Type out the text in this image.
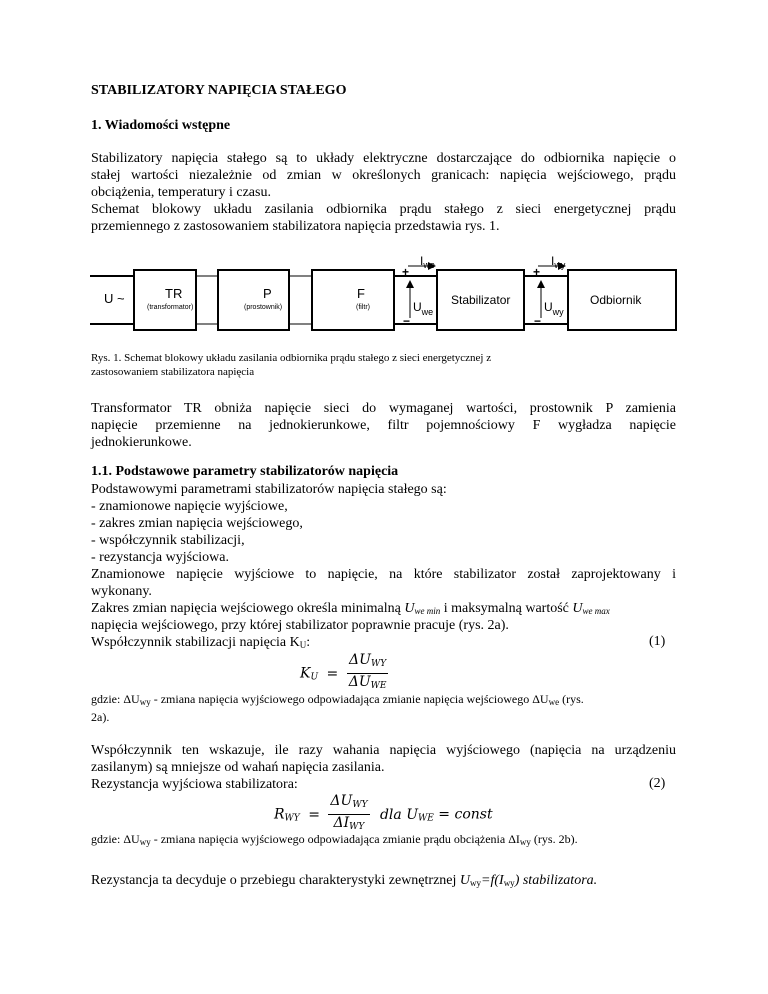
STABILIZATORY NAPIĘCIA STAŁEGO
1. Wiadomości wstępne
Stabilizatory napięcia stałego są to układy elektryczne dostarczające do odbiornika napięcie o
stałej wartości niezależnie od zmian w określonych granicach: napięcia wejściowego, prądu
obciążenia, temperatury i czasu.
Schemat blokowy układu zasilania odbiornika prądu stałego z sieci energetycznej prądu
przemiennego z zastosowaniem stabilizatora napięcia przedstawia rys. 1.
U ~	TR
(transformator)
P
(prostownik)
F
(filtr)
Stabilizator	Odbiornik
$I_{we}$	$I_{wy}$
$U_{we}$	$U_{wy}$
+
−
+
−
Rys. 1. Schemat blokowy układu zasilania odbiornika prądu stałego z sieci energetycznej z
zastosowaniem stabilizatora napięcia
Transformator TR obniża napięcie sieci do wymaganej wartości, prostownik P zamienia
napięcie przemienne na jednokierunkowe, filtr pojemnościowy F wygładza napięcie
jednokierunkowe.
1.1. Podstawowe parametry stabilizatorów napięcia
Podstawowymi parametrami stabilizatorów napięcia stałego są:
- znamionowe napięcie wyjściowe,
- zakres zmian napięcia wejściowego,
- współczynnik stabilizacji,
- rezystancja wyjściowa.
Znamionowe napięcie wyjściowe to napięcie, na które stabilizator został zaprojektowany i
wykonany.
Zakres zmian napięcia wejściowego określa minimalną $U_{we min}$ i maksymalną wartość $U_{we max}$
napięcia wejściowego, przy której stabilizator poprawnie pracuje (rys. 2a).
Współczynnik stabilizacji napięcia $K_U$:	(1)
$K_U = \frac{\Delta U_{WY}}{\Delta U_{WE}}$
gdzie: $\Delta U_{wy}$ - zmiana napięcia wyjściowego odpowiadająca zmianie napięcia wejściowego $\Delta U_{we}$ (rys.
2a).
Współczynnik ten wskazuje, ile razy wahania napięcia wyjściowego (napięcia na urządzeniu
zasilanym) są mniejsze od wahań napięcia zasilania.
Rezystancja wyjściowa stabilizatora:	(2)
$R_{WY} = \frac{\Delta U_{WY}}{\Delta I_{WY}}$ dla $U_{WE}$ = const
gdzie: $\Delta U_{wy}$ - zmiana napięcia wyjściowego odpowiadająca zmianie prądu obciążenia $\Delta I_{wy}$ (rys. 2b).
Rezystancja ta decyduje o przebiegu charakterystyki zewnętrznej $U_{wy}=f(I_{wy})$ stabilizatora.
